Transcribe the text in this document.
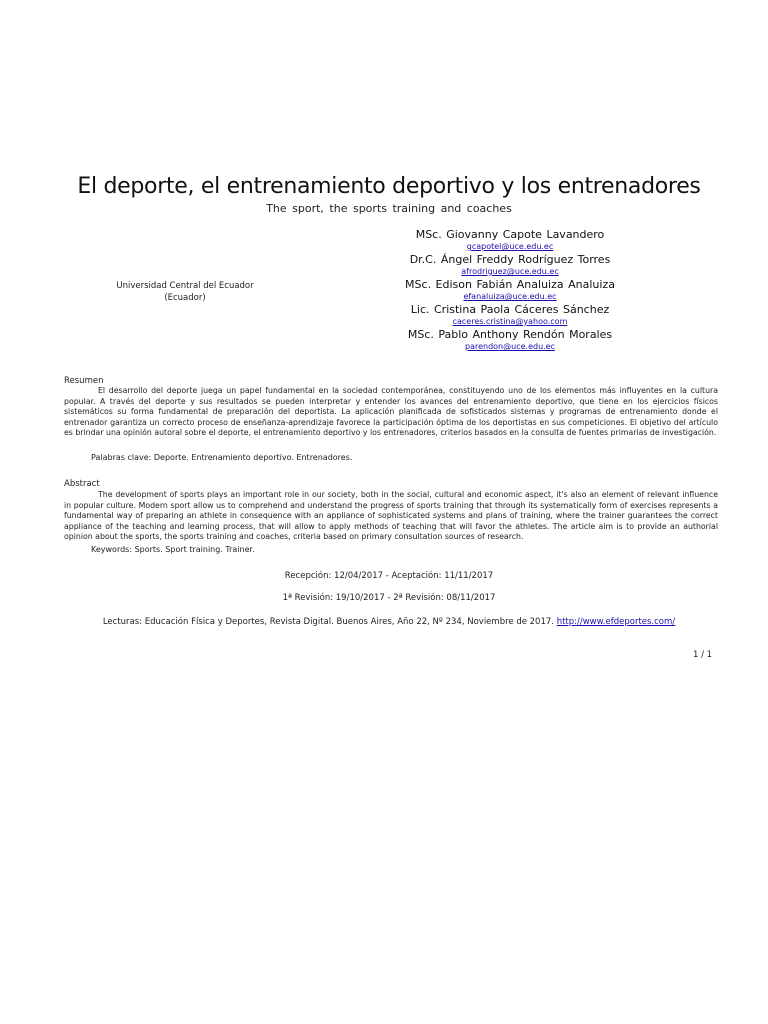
El deporte, el entrenamiento deportivo y los entrenadores
The sport, the sports training and coaches
Universidad Central del Ecuador
(Ecuador)
MSc. Giovanny Capote Lavandero
gcapotel@uce.edu.ec
Dr.C. Ángel Freddy Rodríguez Torres
afrodriguez@uce.edu.ec
MSc. Edison Fabián Analuiza Analuiza
efanaluiza@uce.edu.ec
Lic. Cristina Paola Cáceres Sánchez
caceres.cristina@yahoo.com
MSc. Pablo Anthony Rendón Morales
parendon@uce.edu.ec
Resumen

El desarrollo del deporte juega un papel fundamental en la sociedad contemporánea, constituyendo uno de los elementos más influyentes en la cultura popular. A través del deporte y sus resultados se pueden interpretar y entender los avances del entrenamiento deportivo, que tiene en los ejercicios físicos sistemáticos su forma fundamental de preparación del deportista. La aplicación planificada de sofisticados sistemas y programas de entrenamiento donde el entrenador garantiza un correcto proceso de enseñanza-aprendizaje favorece la participación óptima de los deportistas en sus competiciones. El objetivo del artículo es brindar una opinión autoral sobre el deporte, el entrenamiento deportivo y los entrenadores, criterios basados en la consulta de fuentes primarias de investigación.

Palabras clave: Deporte. Entrenamiento deportivo. Entrenadores.
Abstract

The development of sports plays an important role in our society, both in the social, cultural and economic aspect, it's also an element of relevant influence in popular culture. Modern sport allow us to comprehend and understand the progress of sports training that through its systematically form of exercises represents a fundamental way of preparing an athlete in consequence with an appliance of sophisticated systems and plans of training, where the trainer guarantees the correct appliance of the teaching and learning process, that will allow to apply methods of teaching that will favor the athletes. The article aim is to provide an authorial opinion about the sports, the sports training and coaches, criteria based on primary consultation sources of research.

Keywords: Sports. Sport training. Trainer.
Recepción: 12/04/2017 - Aceptación: 11/11/2017
1ª Revisión: 19/10/2017 - 2ª Revisión: 08/11/2017
Lecturas: Educación Física y Deportes, Revista Digital. Buenos Aires, Año 22, Nº 234, Noviembre de 2017. http://www.efdeportes.com/
1 / 1
